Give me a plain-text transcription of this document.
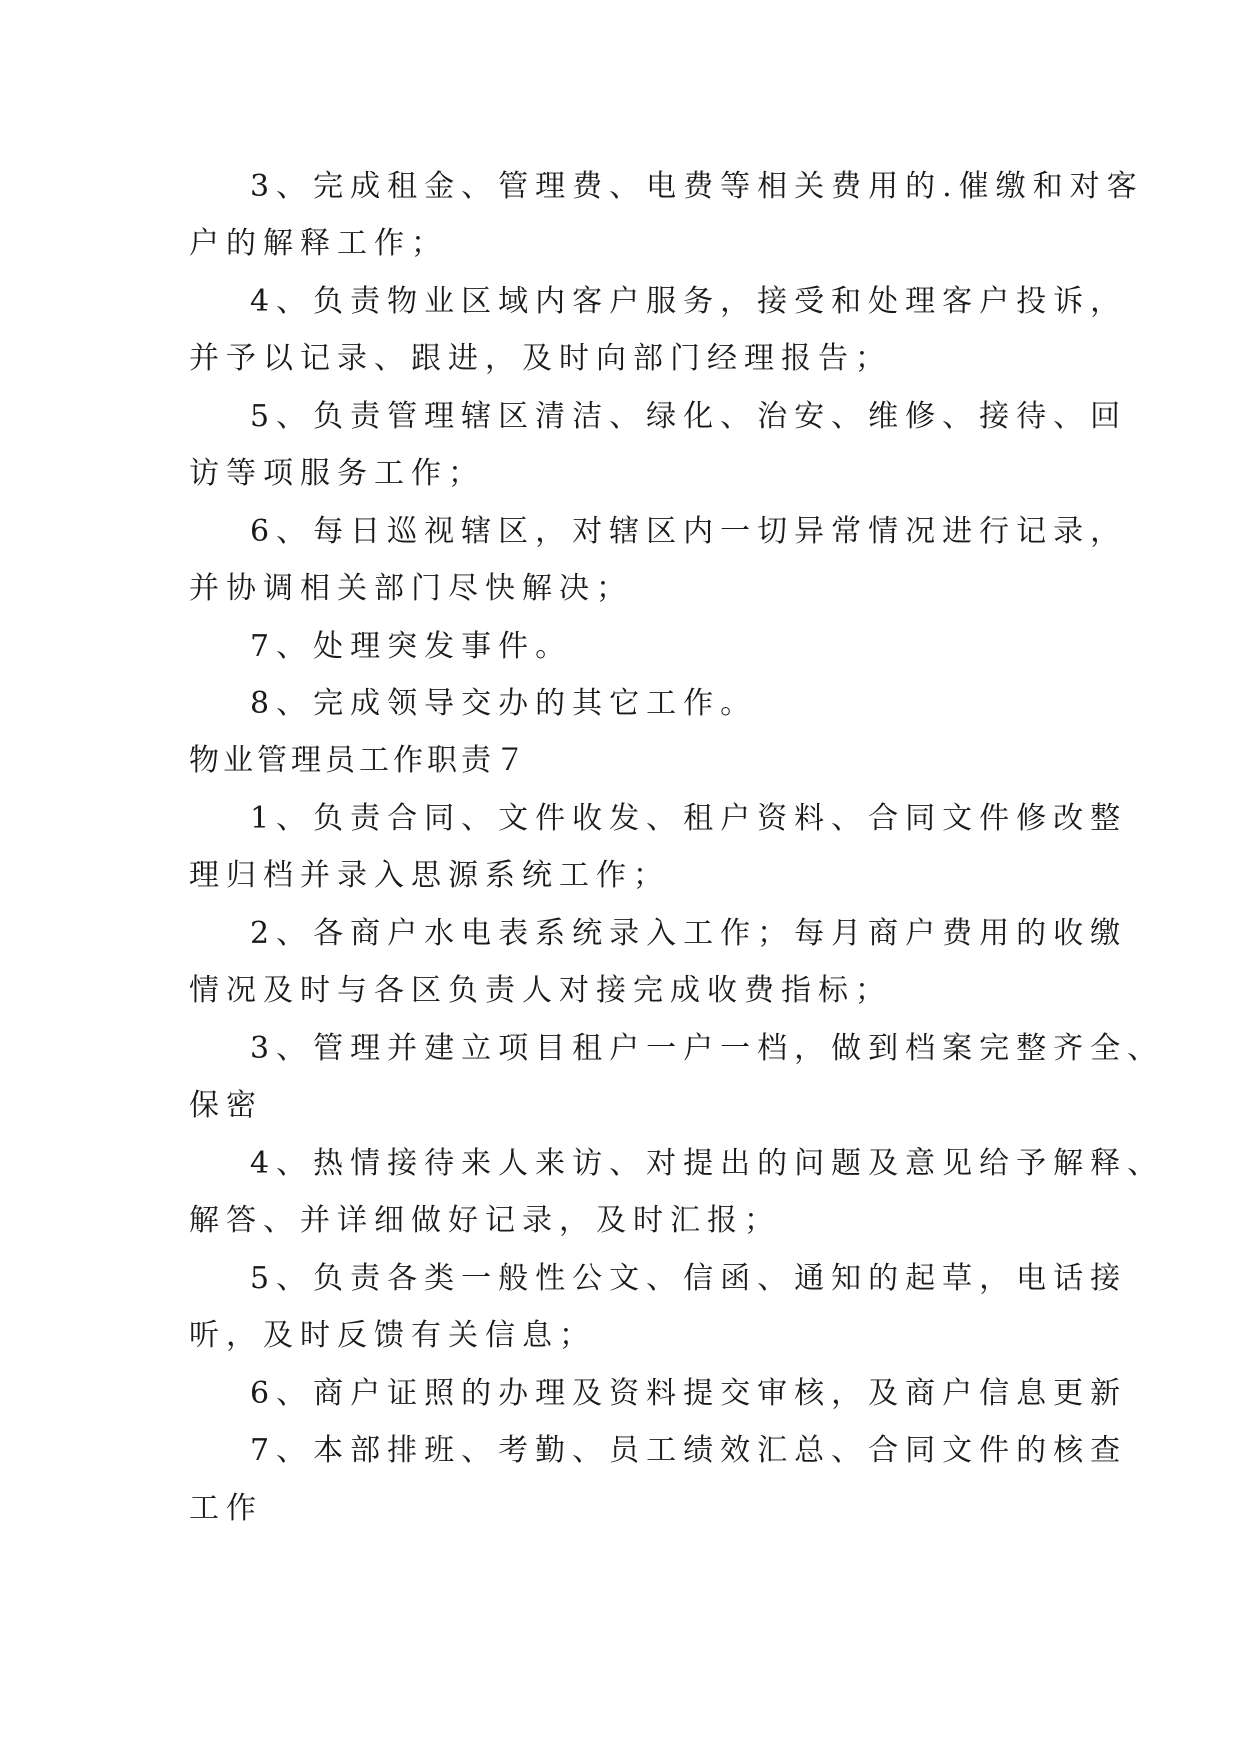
3、完成租金、管理费、电费等相关费用的.催缴和对客
户的解释工作；
4、负责物业区域内客户服务，接受和处理客户投诉，
并予以记录、跟进，及时向部门经理报告；
5、负责管理辖区清洁、绿化、治安、维修、接待、回
访等项服务工作；
6、每日巡视辖区，对辖区内一切异常情况进行记录，
并协调相关部门尽快解决；
7、处理突发事件。
8、完成领导交办的其它工作。
物业管理员工作职责７
1、负责合同、文件收发、租户资料、合同文件修改整
理归档并录入思源系统工作；
2、各商户水电表系统录入工作；每月商户费用的收缴
情况及时与各区负责人对接完成收费指标；
3、管理并建立项目租户一户一档，做到档案完整齐全、
保密
4、热情接待来人来访、对提出的问题及意见给予解释、
解答、并详细做好记录，及时汇报；
5、负责各类一般性公文、信函、通知的起草，电话接
听，及时反馈有关信息；
6、商户证照的办理及资料提交审核，及商户信息更新
7、本部排班、考勤、员工绩效汇总、合同文件的核查
工作
